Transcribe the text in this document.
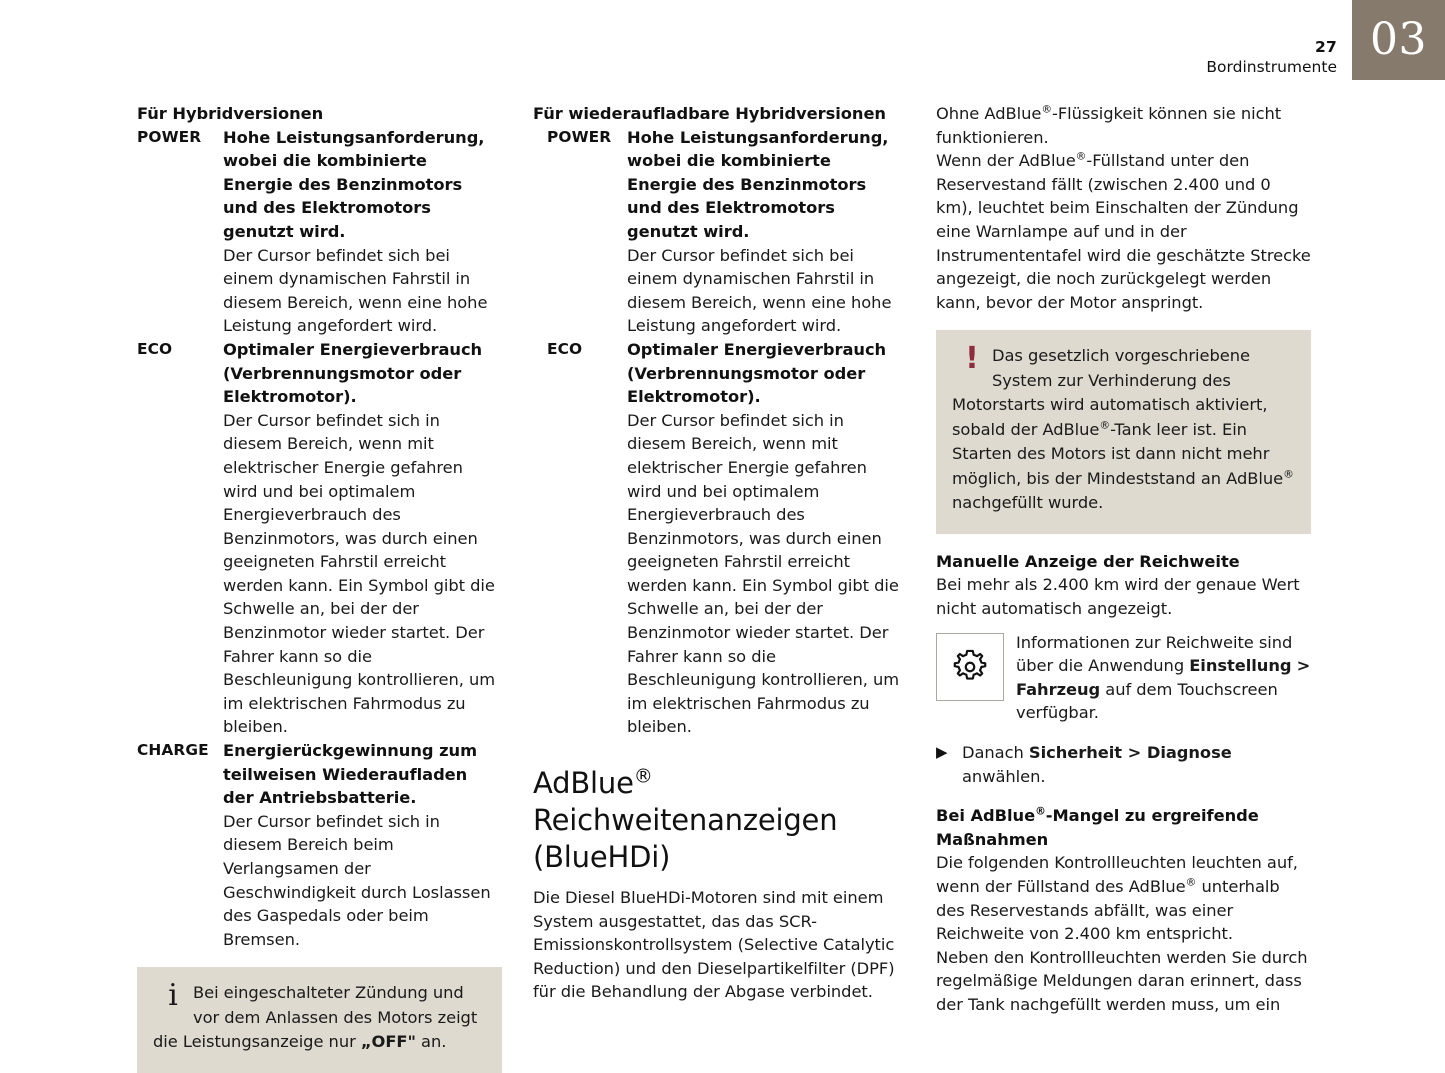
03
27
Bordinstrumente
Für Hybridversionen
POWER	Hohe Leistungsanforderung, wobei die kombinierte Energie des Benzinmotors und des Elektromotors genutzt wird.
Der Cursor befindet sich bei einem dynamischen Fahrstil in diesem Bereich, wenn eine hohe Leistung angefordert wird.
ECO	Optimaler Energieverbrauch (Verbrennungsmotor oder Elektromotor).
Der Cursor befindet sich in diesem Bereich, wenn mit elektrischer Energie gefahren wird und bei optimalem Energieverbrauch des Benzinmotors, was durch einen geeigneten Fahrstil erreicht werden kann. Ein Symbol gibt die Schwelle an, bei der der Benzinmotor wieder startet. Der Fahrer kann so die Beschleunigung kontrollieren, um im elektrischen Fahrmodus zu bleiben.
CHARGE Energierückgewinnung zum teilweisen Wiederaufladen der Antriebsbatterie.
Der Cursor befindet sich in diesem Bereich beim Verlangsamen der Geschwindigkeit durch Loslassen des Gaspedals oder beim Bremsen.
i Bei eingeschalteter Zündung und vor dem Anlassen des Motors zeigt die Leistungsanzeige nur „OFF" an.
Für wiederaufladbare Hybridversionen
POWER Hohe Leistungsanforderung, wobei die kombinierte Energie des Benzinmotors und des Elektromotors genutzt wird.
Der Cursor befindet sich bei einem dynamischen Fahrstil in diesem Bereich, wenn eine hohe Leistung angefordert wird.
ECO	Optimaler Energieverbrauch (Verbrennungsmotor oder Elektromotor).
Der Cursor befindet sich in diesem Bereich, wenn mit elektrischer Energie gefahren wird und bei optimalem Energieverbrauch des Benzinmotors, was durch einen geeigneten Fahrstil erreicht werden kann. Ein Symbol gibt die Schwelle an, bei der der Benzinmotor wieder startet. Der Fahrer kann so die Beschleunigung kontrollieren, um im elektrischen Fahrmodus zu bleiben.
AdBlue®
Reichweitenanzeigen
(BlueHDi)
Die Diesel BlueHDi-Motoren sind mit einem System ausgestattet, das das SCR-Emissionskontrollsystem (Selective Catalytic Reduction) und den Dieselpartikelfilter (DPF) für die Behandlung der Abgase verbindet.
Ohne AdBlue®-Flüssigkeit können sie nicht funktionieren.
Wenn der AdBlue®-Füllstand unter den Reservestand fällt (zwischen 2.400 und 0 km), leuchtet beim Einschalten der Zündung eine Warnlampe auf und in der Instrumententafel wird die geschätzte Strecke angezeigt, die noch zurückgelegt werden kann, bevor der Motor anspringt.
! Das gesetzlich vorgeschriebene System zur Verhinderung des Motorstarts wird automatisch aktiviert, sobald der AdBlue®-Tank leer ist. Ein Starten des Motors ist dann nicht mehr möglich, bis der Mindeststand an AdBlue® nachgefüllt wurde.
Manuelle Anzeige der Reichweite
Bei mehr als 2.400 km wird der genaue Wert nicht automatisch angezeigt.
Informationen zur Reichweite sind über die Anwendung Einstellung > Fahrzeug auf dem Touchscreen verfügbar.
▶ Danach Sicherheit > Diagnose anwählen.
Bei AdBlue®-Mangel zu ergreifende Maßnahmen
Die folgenden Kontrollleuchten leuchten auf, wenn der Füllstand des AdBlue® unterhalb des Reservestands abfällt, was einer Reichweite von 2.400 km entspricht.
Neben den Kontrollleuchten werden Sie durch regelmäßige Meldungen daran erinnert, dass der Tank nachgefüllt werden muss, um ein
